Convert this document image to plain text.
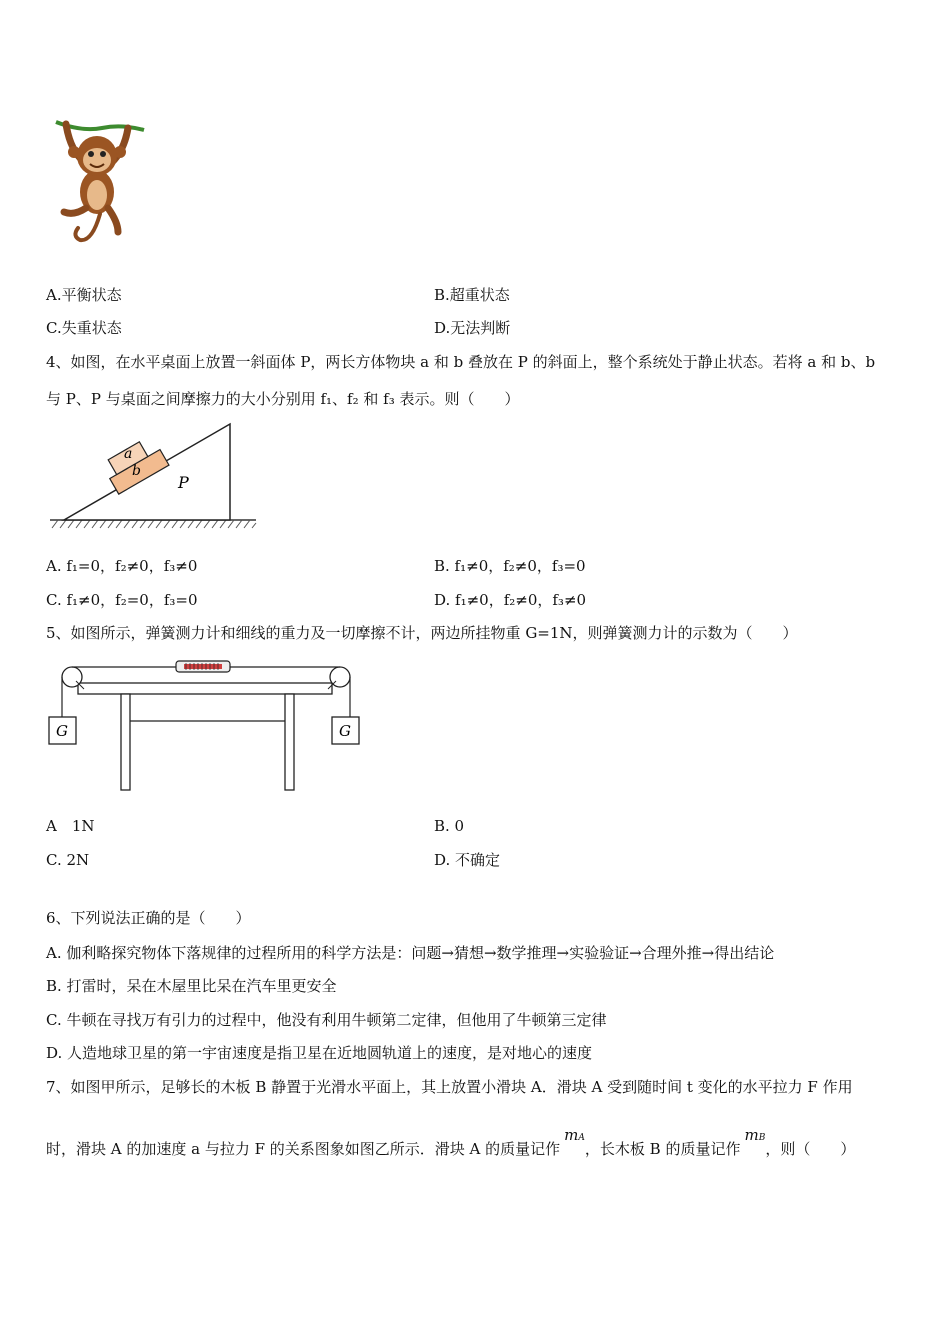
A.平衡状态	B.超重状态
C.失重状态	D.无法判断
4、如图，在水平桌面上放置一斜面体 P，两长方体物块 a 和 b 叠放在 P 的斜面上，整个系统处于静止状态。若将 a 和 b、b
与 P、P 与桌面之间摩擦力的大小分别用 f₁、f₂ 和 f₃ 表示。则（　　）
a
b
P
A. f₁=0，f₂≠0，f₃≠0	B. f₁≠0，f₂≠0，f₃=0
C. f₁≠0，f₂=0，f₃=0	D. f₁≠0，f₂≠0，f₃≠0
5、如图所示，弹簧测力计和细线的重力及一切摩擦不计，两边所挂物重 G=1N，则弹簧测力计的示数为（　　）
G	G
A　1N	B. 0
C. 2N	D. 不确定
6、下列说法正确的是（　　）
A. 伽利略探究物体下落规律的过程所用的科学方法是：问题→猜想→数学推理→实验验证→合理外推→得出结论
B. 打雷时，呆在木屋里比呆在汽车里更安全
C. 牛顿在寻找万有引力的过程中，他没有利用牛顿第二定律，但他用了牛顿第三定律
D. 人造地球卫星的第一宇宙速度是指卫星在近地圆轨道上的速度，是对地心的速度
7、如图甲所示，足够长的木板 B 静置于光滑水平面上，其上放置小滑块 A．滑块 A 受到随时间 t 变化的水平拉力 F 作用
时，滑块 A 的加速度 a 与拉力 F 的关系图象如图乙所示．滑块 A 的质量记作mA，长木板 B 的质量记作mB，则（　　）
